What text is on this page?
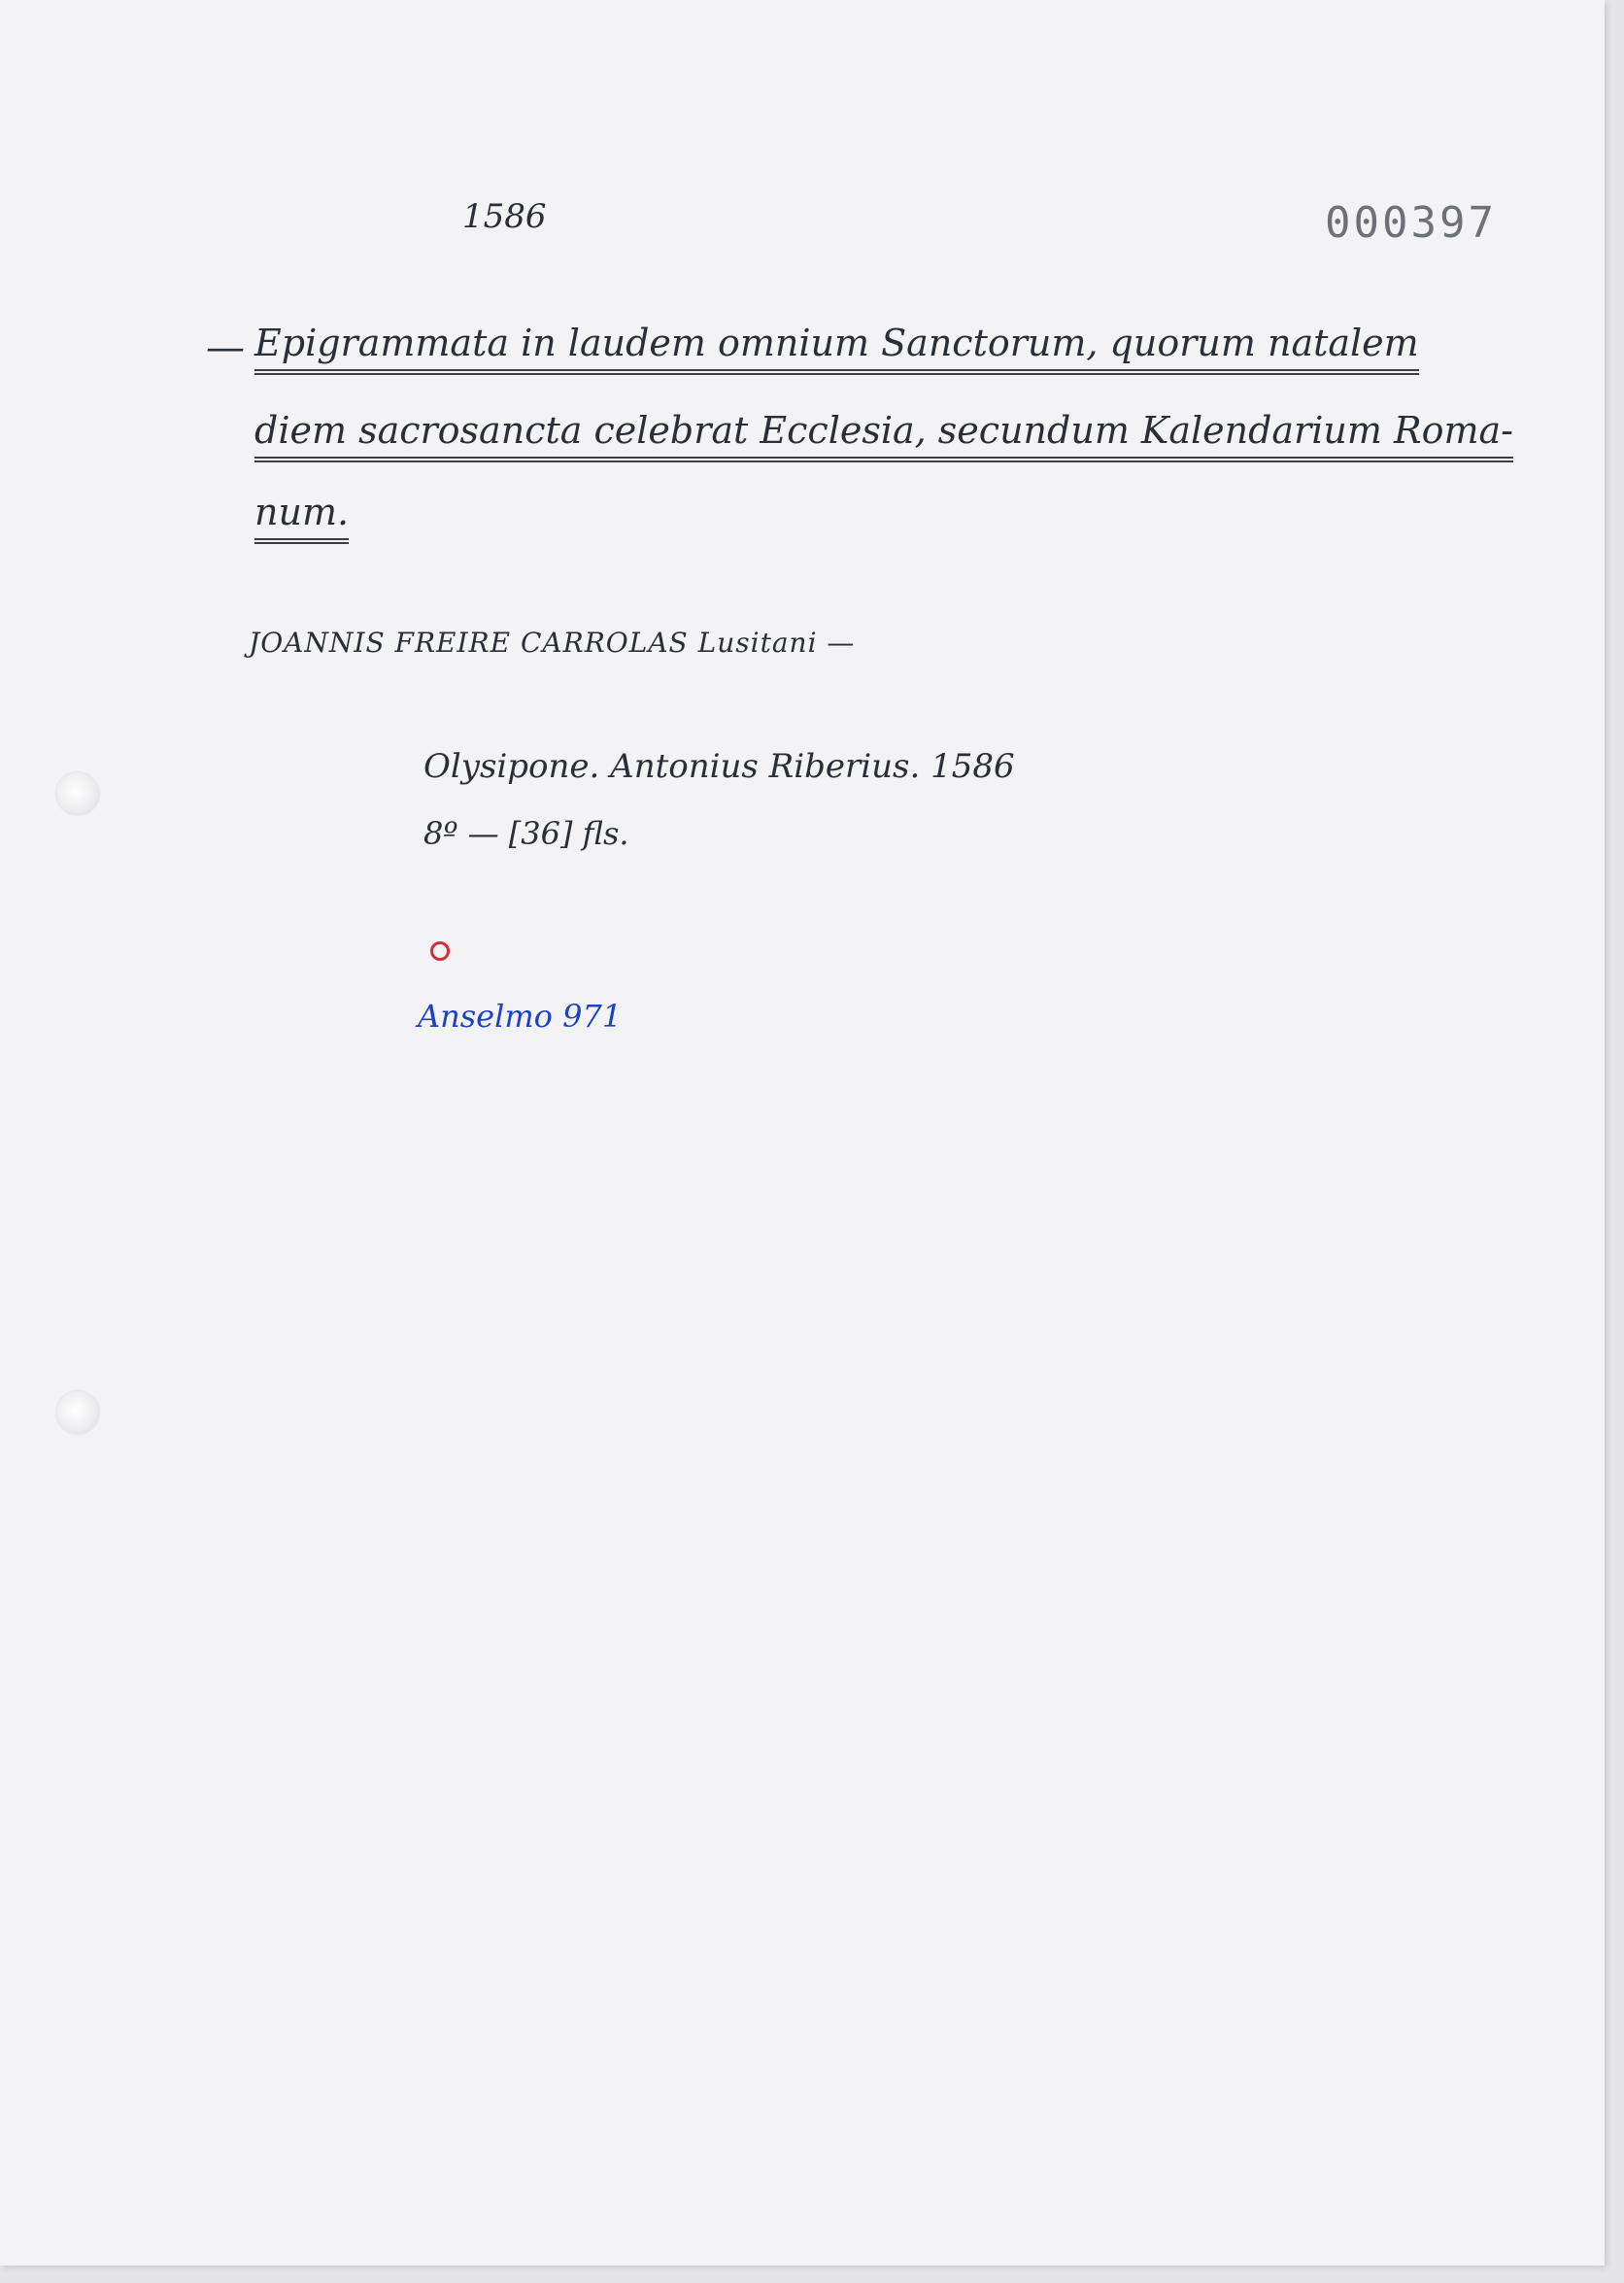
1586	000397
— Epigrammata in laudem omnium Sanctorum, quorum natalem
diem sacrosancta celebrat Ecclesia, secundum Kalendarium Roma-
num.
JOANNIS FREIRE CARROLAS Lusitani —
Olysipone. Antonius Riberius. 1586
8º — [36] fls.
Anselmo 971
